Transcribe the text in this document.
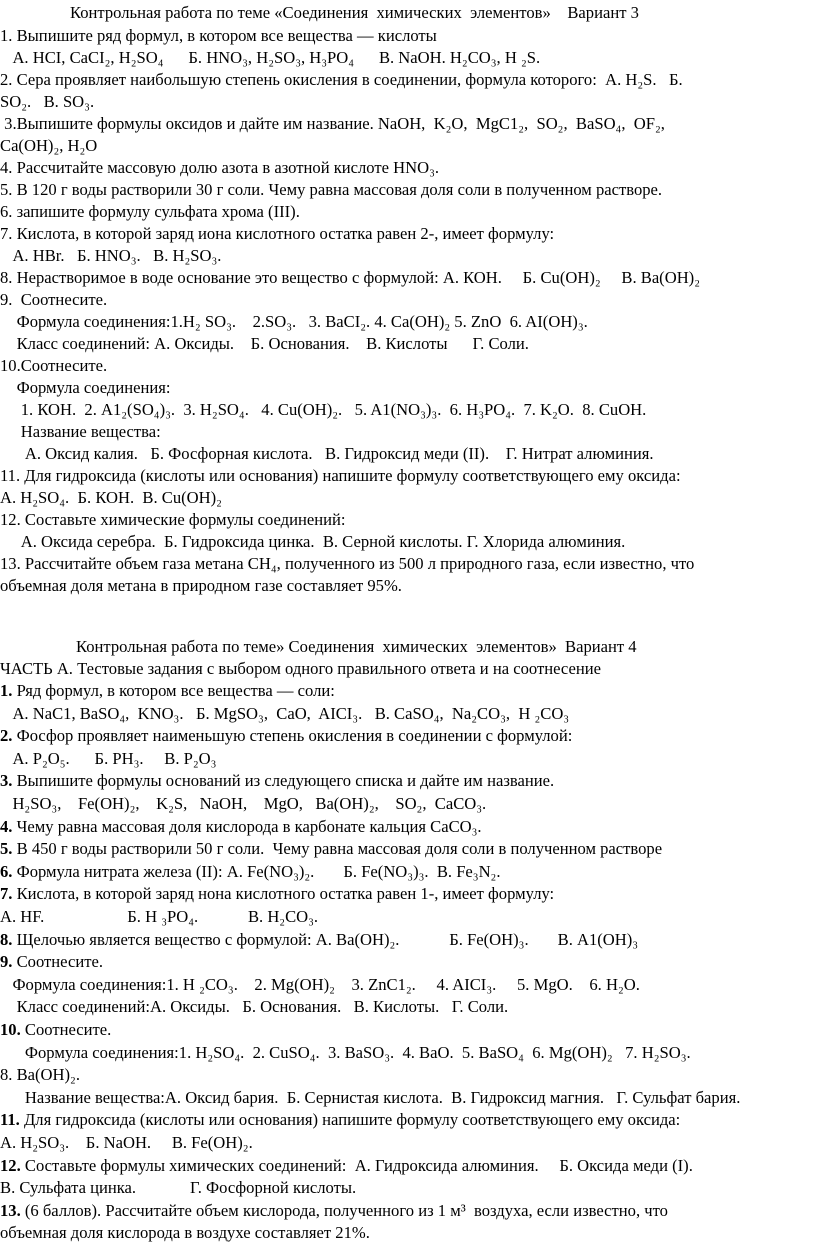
Контрольная работа по теме «Соединения  химических  элементов»    Вариант 3
1. Выпишите ряд формул, в котором все вещества — кислоты
А. HCI, CaCI₂, H₂SO₄      Б. HNO₃, H₂SO₃, H₃PO₄      В. NaOH. H₂CO₃, H ₂S.
2. Сера проявляет наибольшую степень окисления в соединении, формула которого:  А. H₂S.   Б.
SO₂.   В. SO₃.
3.Выпишите формулы оксидов и дайте им название. NaOH,  K₂O,  MgC1₂,  SO₂,  BaSO₄,  OF₂,
Ca(OH)₂, H₂O
4. Рассчитайте массовую долю азота в азотной кислоте HNO₃.
5. В 120 г воды растворили 30 г соли. Чему равна массовая доля соли в полученном растворе.
6. запишите формулу сульфата хрома (III).
7. Кислота, в которой заряд иона кислотного остатка равен 2-, имеет формулу:
А. HBr.   Б. HNO₃.   В. H₂SO₃.
8. Нерастворимое в воде основание это вещество с формулой: А. КОН.     Б. Cu(OH)₂     В. Ba(OH)₂
9.  Соотнесите.
Формула соединения:1.H₂ SO₃.    2.SO₃.   3. BaCI₂. 4. Ca(OH)₂ 5. ZnO  6. AI(OH)₃.
Класс соединений: А. Оксиды.    Б. Основания.    В. Кислоты      Г. Соли.
10.Соотнесите.
Формула соединения:
1. КОН.  2. A1₂(SO₄)₃.  3. H₂SO₄.   4. Cu(OH)₂.   5. A1(NO₃)₃.  6. H₃PO₄.  7. K₂O.  8. CuOH.
Название вещества:
А. Оксид калия.   Б. Фосфорная кислота.   В. Гидроксид меди (II).    Г. Нитрат алюминия.
11. Для гидроксида (кислоты или основания) напишите формулу соответствующего ему оксида:
А. H₂SO₄.  Б. КОН.  В. Cu(OH)₂
12. Составьте химические формулы соединений:
А. Оксида серебра.  Б. Гидроксида цинка.  В. Серной кислоты. Г. Хлорида алюминия.
13. Рассчитайте объем газа метана CH₄, полученного из 500 л природного газа, если известно, что
объемная доля метана в природном газе составляет 95%.
Контрольная работа по теме» Соединения  химических  элементов»  Вариант 4
ЧАСТЬ А. Тестовые задания с выбором одного правильного ответа и на соотнесение
1. Ряд формул, в котором все вещества — соли:
А. NaC1, BaSO₄,  KNO₃.   Б. MgSO₃,  CaO,  AICI₃.   В. CaSO₄,  Na₂CO₃,  H ₂CO₃
2. Фосфор проявляет наименьшую степень окисления в соединении с формулой:
А. P₂O₅.      Б. PH₃.     В. P₂O₃
3. Выпишите формулы оснований из следующего списка и дайте им название.
H₂SO₃,    Fe(OH)₂,    K₂S,   NaOH,    MgO,   Ba(OH)₂,    SO₂,  CaCO₃.
4. Чему равна массовая доля кислорода в карбонате кальция CaCO₃.
5. В 450 г воды растворили 50 г соли.  Чему равна массовая доля соли в полученном растворе
6. Формула нитрата железа (II): А. Fe(NO₃)₂.       Б. Fe(NO₃)₃.  В. Fe₃N₂.
7. Кислота, в которой заряд нона кислотного остатка равен 1-, имеет формулу:
А. HF.                    Б. H ₃PO₄.            В. H₂CO₃.
8. Щелочью является вещество с формулой: А. Ba(OH)₂.            Б. Fe(OH)₃.       В. A1(OH)₃
9. Соотнесите.
Формула соединения:1. H ₂CO₃.    2. Mg(OH)₂    3. ZnC1₂.     4. AICI₃.     5. MgO.    6. H₂O.
Класс соединений:А. Оксиды.   Б. Основания.   В. Кислоты.   Г. Соли.
10. Соотнесите.
Формула соединения:1. H₂SO₄.  2. CuSO₄.  3. BaSO₃.  4. BaO.  5. BaSO₄  6. Mg(OH)₂   7. H₂SO₃.
8. Ba(OH)₂.
Название вещества:А. Оксид бария.  Б. Сернистая кислота.  В. Гидроксид магния.   Г. Сульфат бария.
11. Для гидроксида (кислоты или основания) напишите формулу соответствующего ему оксида:
А. H₂SO₃.    Б. NaOH.     В. Fe(OH)₂.
12. Составьте формулы химических соединений:  А. Гидроксида алюминия.     Б. Оксида меди (I).
В. Сульфата цинка.             Г. Фосфорной кислоты.
13. (6 баллов). Рассчитайте объем кислорода, полученного из 1 м³  воздуха, если известно, что
объемная доля кислорода в воздухе составляет 21%.
